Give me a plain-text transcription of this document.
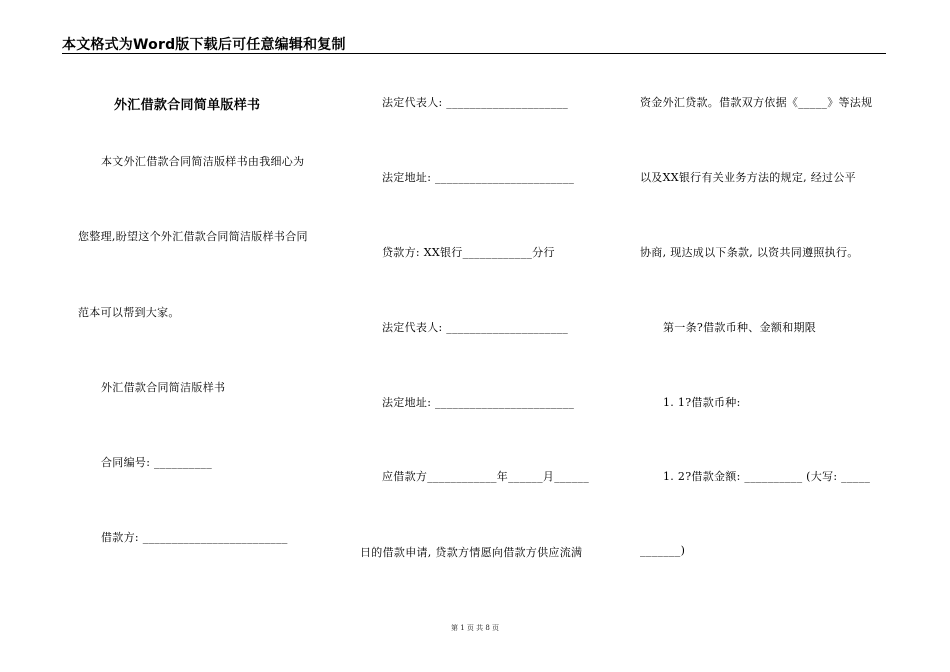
本文格式为Word版下载后可任意编辑和复制
外汇借款合同简单版样书
本文外汇借款合同简洁版样书由我细心为
您整理,盼望这个外汇借款合同简洁版样书合同
范本可以帮到大家。
外汇借款合同简洁版样书
合同编号: __________
借款方: _________________________
法定代表人: _____________________
法定地址: ________________________
贷款方: XX银行____________分行
法定代表人: _____________________
法定地址: ________________________
应借款方____________年______月______
日的借款申请, 贷款方情愿向借款方供应流满
资金外汇贷款。借款双方依据《_____》等法规
以及XX银行有关业务方法的规定, 经过公平
协商, 现达成以下条款, 以资共同遵照执行。
第一条?借款币种、金额和期限
1. 1?借款币种:
1. 2?借款金额: __________ (大写: _____
_______)
第 1 页 共 8 页
